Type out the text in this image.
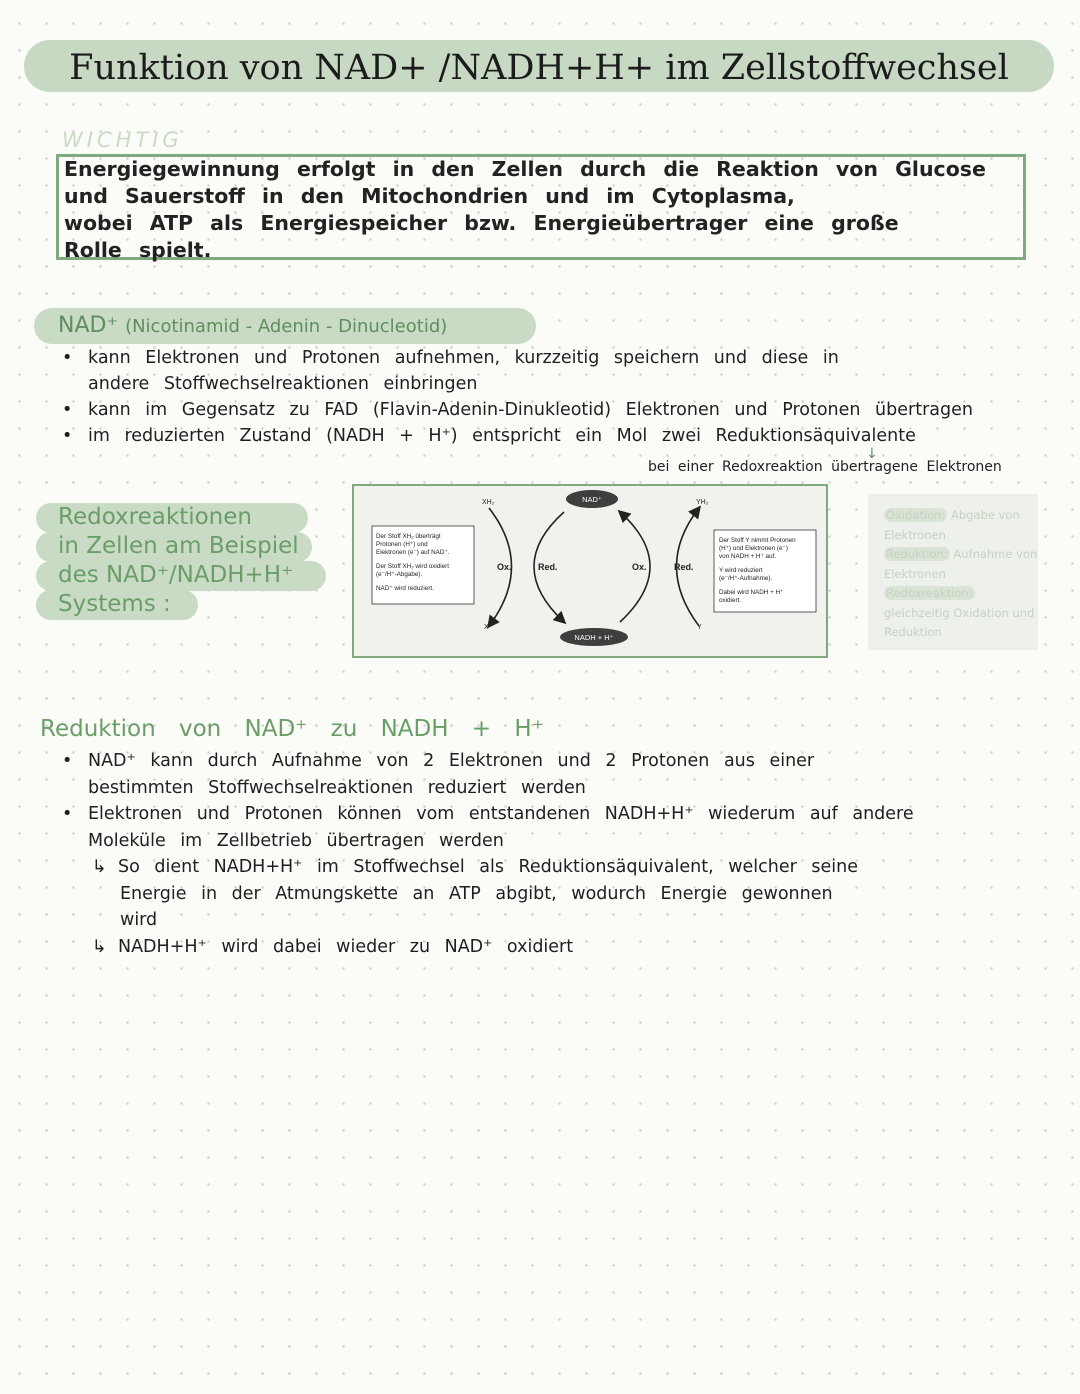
Funktion von NAD+ /NADH+H+ im Zellstoffwechsel
WICHTIG
Energiegewinnung erfolgt in den Zellen durch die Reaktion von Glucose
und Sauerstoff in den Mitochondrien und im Cytoplasma,
wobei ATP als Energiespeicher bzw. Energieübertrager eine große
Rolle spielt.
NAD⁺ (Nicotinamid - Adenin - Dinucleotid)
• kann Elektronen und Protonen aufnehmen, kurzzeitig speichern und diese in
andere Stoffwechselreaktionen einbringen
• kann im Gegensatz zu FAD (Flavin-Adenin-Dinukleotid) Elektronen und Protonen übertragen
• im reduzierten Zustand (NADH + H⁺) entspricht ein Mol zwei Reduktionsäquivalente
↓
bei einer Redoxreaktion übertragene Elektronen
Redoxreaktionen
in Zellen am Beispiel
des NAD⁺/NADH+H⁺
Systems :
Der Stoff XH₂ überträgt Protonen (H⁺) und Elektronen (e⁻) auf NAD⁺. Der Stoff XH₂ wird oxidiert (e⁻/H⁺-Abgabe). NAD⁺ wird reduziert.
Der Stoff Y nimmt Protonen (H⁺) und Elektronen (e⁻) von NADH + H⁺ auf. Y wird reduziert (e⁻/H⁺-Aufnahme). Dabei wird NADH + H⁺ oxidiert.
XH₂
X
Ox.	Red.	Ox.
YH₂
Y
Red.
NAD⁺
NADH + H⁺
Oxidation: Abgabe von Elektronen
Reduktion: Aufnahme von Elektronen
Redoxreaktion: gleichzeitig Oxidation und Reduktion
Reduktion von NAD⁺ zu NADH + H⁺
• NAD⁺ kann durch Aufnahme von 2 Elektronen und 2 Protonen aus einer
bestimmten Stoffwechselreaktionen reduziert werden
• Elektronen und Protonen können vom entstandenen NADH+H⁺ wiederum auf andere
Moleküle im Zellbetrieb übertragen werden
↳ So dient NADH+H⁺ im Stoffwechsel als Reduktionsäquivalent, welcher seine
Energie in der Atmungskette an ATP abgibt, wodurch Energie gewonnen
wird
↳ NADH+H⁺ wird dabei wieder zu NAD⁺ oxidiert
